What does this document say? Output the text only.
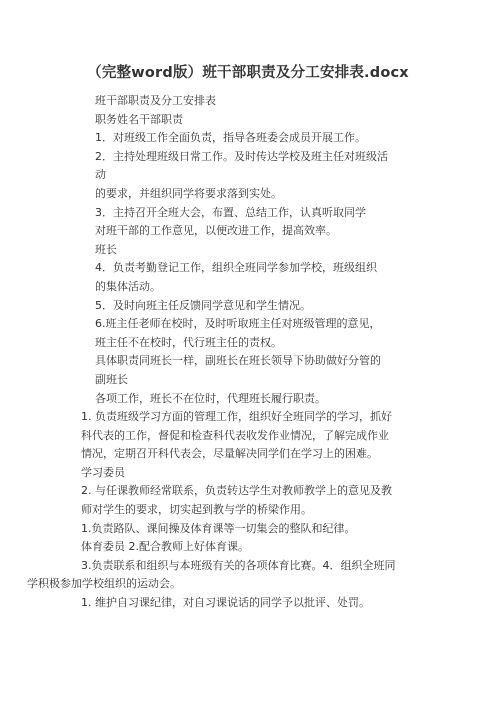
（完整word版）班干部职责及分工安排表.docx
班干部职责及分工安排表
职务姓名干部职责
1．对班级工作全面负责，指导各班委会成员开展工作。
2．主持处理班级日常工作。及时传达学校及班主任对班级活
动
的要求，并组织同学将要求落到实处。
3．主持召开全班大会，布置、总结工作，认真听取同学
对班干部的工作意见，以便改进工作，提高效率。
班长
4．负责考勤登记工作，组织全班同学参加学校，班级组织
的集体活动。
5．及时向班主任反馈同学意见和学生情况。
6.班主任老师在校时，及时听取班主任对班级管理的意见，
班主任不在校时，代行班主任的责权。
具体职责同班长一样，副班长在班长领导下协助做好分管的
副班长
各项工作，班长不在位时，代理班长履行职责。
1. 负责班级学习方面的管理工作，组织好全班同学的学习，抓好
科代表的工作，督促和检查科代表收发作业情况，了解完成作业
情况，定期召开科代表会，尽量解决同学们在学习上的困难。
学习委员
2. 与任课教师经常联系，负责转达学生对教师教学上的意见及教
师对学生的要求，切实起到教与学的桥梁作用。
1.负责路队、课间操及体育课等一切集会的整队和纪律。
体育委员 2.配合教师上好体育课。
3.负责联系和组织与本班级有关的各项体育比赛。4．组织全班同
学积极参加学校组织的运动会。
1. 维护自习课纪律，对自习课说话的同学予以批评、处罚。
